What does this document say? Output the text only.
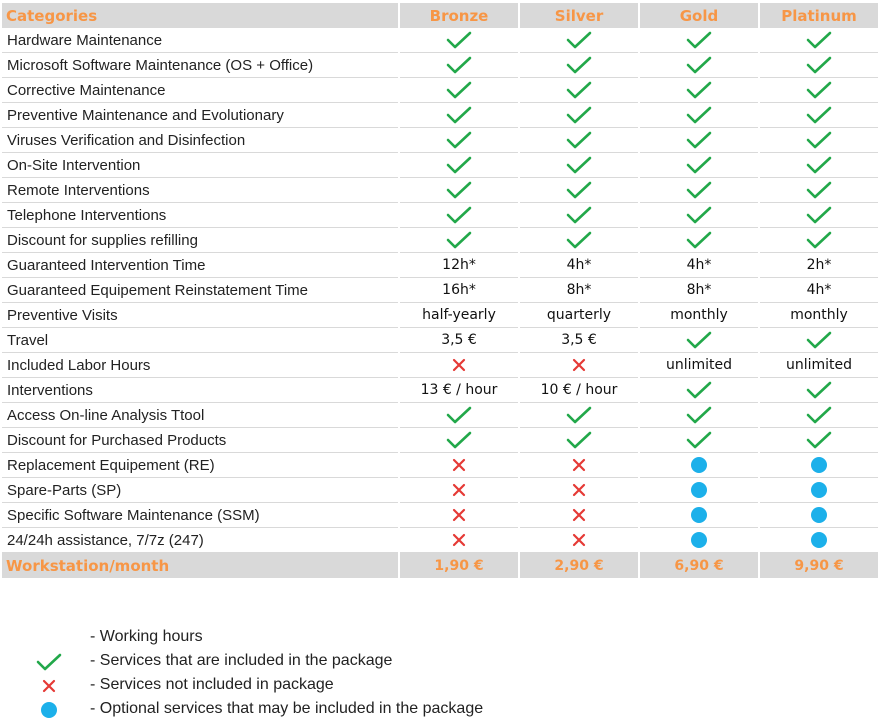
Categories	Bronze	Silver	Gold	Platinum
Hardware Maintenance				
Microsoft Software Maintenance (OS + Office)				
Corrective Maintenance				
Preventive Maintenance and Evolutionary				
Viruses Verification and Disinfection				
On-Site Intervention				
Remote Interventions				
Telephone Interventions				
Discount for supplies refilling				
Guaranteed Intervention Time	12h*	4h*	4h*	2h*
Guaranteed Equipement Reinstatement Time	16h*	8h*	8h*	4h*
Preventive Visits	half-yearly	quarterly	monthly	monthly
Travel	3,5 €	3,5 €		
Included Labor Hours			unlimited	unlimited
Interventions	13 € / hour	10 € / hour		
Access On-line Analysis Ttool				
Discount for Purchased Products				
Replacement Equipement (RE)				
Spare-Parts (SP)				
Specific Software Maintenance (SSM)				
24/24h assistance, 7/7z (247)				
Workstation/month	1,90 €	2,90 €	6,90 €	9,90 €
- Working hours
- Services that are included in the package
- Services not included in package
- Optional services that may be included in the package
